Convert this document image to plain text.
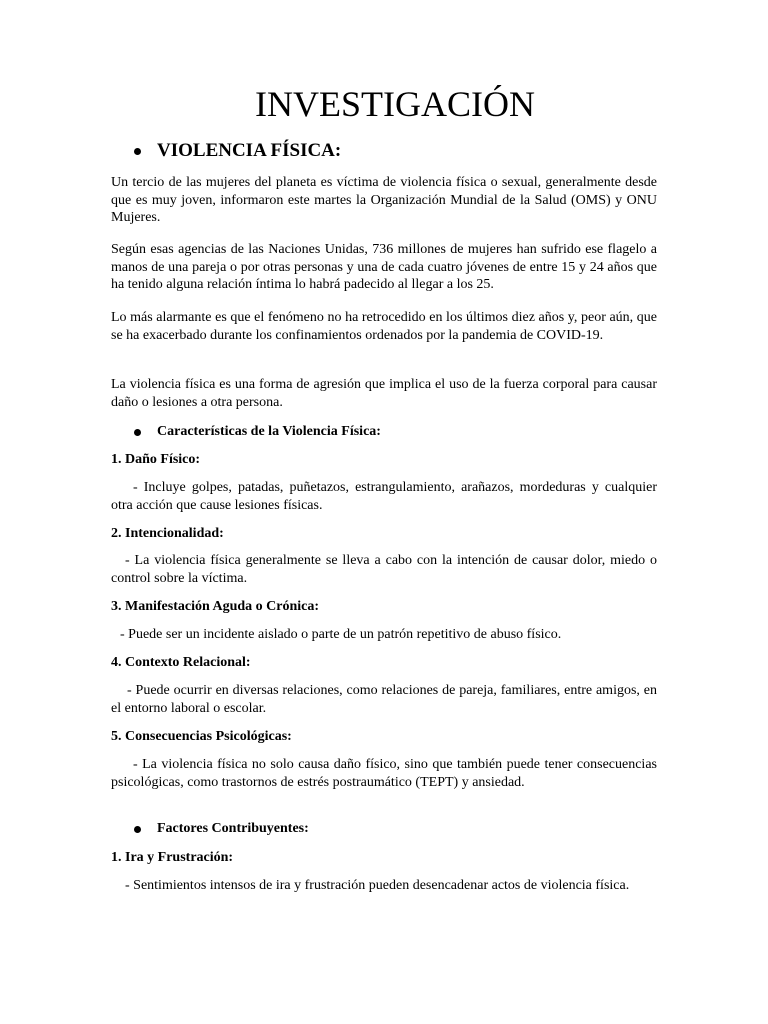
INVESTIGACIÓN
VIOLENCIA FÍSICA:

Un tercio de las mujeres del planeta es víctima de violencia física o sexual, generalmente desde que es muy joven, informaron este martes la Organización Mundial de la Salud (OMS) y ONU Mujeres.

Según esas agencias de las Naciones Unidas, 736 millones de mujeres han sufrido ese flagelo a manos de una pareja o por otras personas y una de cada cuatro jóvenes de entre 15 y 24 años que ha tenido alguna relación íntima lo habrá padecido al llegar a los 25.

Lo más alarmante es que el fenómeno no ha retrocedido en los últimos diez años y, peor aún, que se ha exacerbado durante los confinamientos ordenados por la pandemia de COVID-19.

La violencia física es una forma de agresión que implica el uso de la fuerza corporal para causar daño o lesiones a otra persona.

Características de la Violencia Física:
1. Daño Físico:

- Incluye golpes, patadas, puñetazos, estrangulamiento, arañazos, mordeduras y cualquier otra acción que cause lesiones físicas.

2. Intencionalidad:

- La violencia física generalmente se lleva a cabo con la intención de causar dolor, miedo o control sobre la víctima.

3. Manifestación Aguda o Crónica:

- Puede ser un incidente aislado o parte de un patrón repetitivo de abuso físico.

4. Contexto Relacional:

- Puede ocurrir en diversas relaciones, como relaciones de pareja, familiares, entre amigos, en el entorno laboral o escolar.

5. Consecuencias Psicológicas:

- La violencia física no solo causa daño físico, sino que también puede tener consecuencias psicológicas, como trastornos de estrés postraumático (TEPT) y ansiedad.

Factores Contribuyentes:
1. Ira y Frustración:

- Sentimientos intensos de ira y frustración pueden desencadenar actos de violencia física.
